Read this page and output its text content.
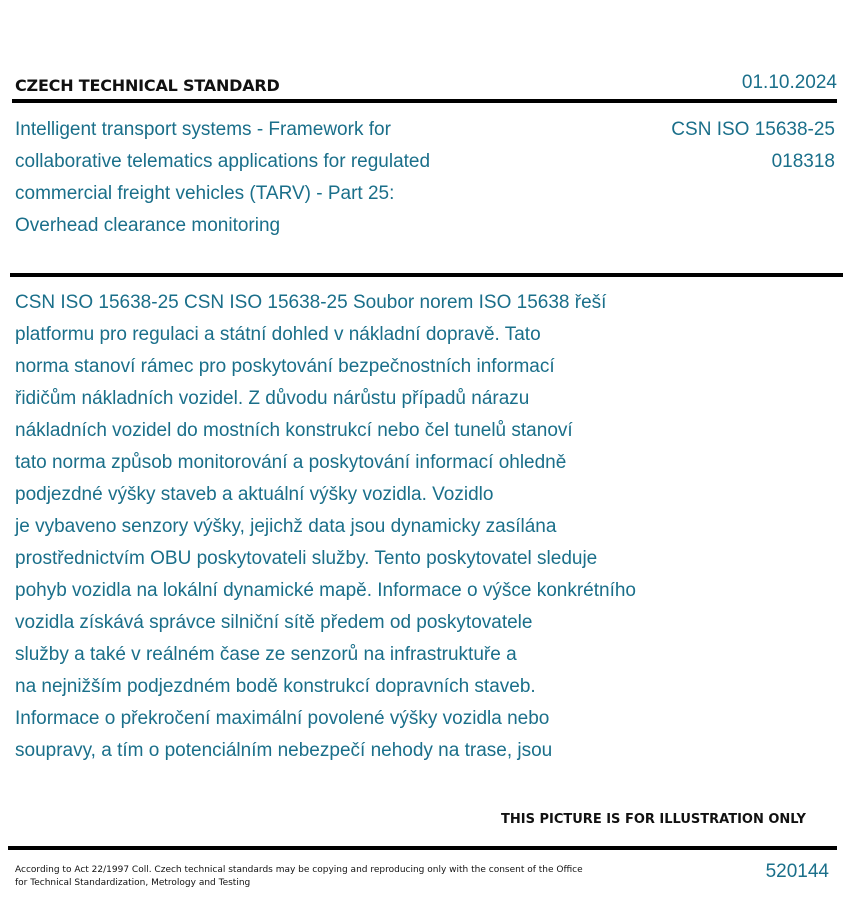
CZECH TECHNICAL STANDARD	01.10.2024
Intelligent transport systems - Framework for
collaborative telematics applications for regulated
commercial freight vehicles (TARV) - Part 25:
Overhead clearance monitoring
CSN ISO 15638-25
018318
CSN ISO 15638-25 CSN ISO 15638-25 Soubor norem ISO 15638 řeší
platformu pro regulaci a státní dohled v nákladní dopravě. Tato
norma stanoví rámec pro poskytování bezpečnostních informací
řidičům nákladních vozidel. Z důvodu nárůstu případů nárazu
nákladních vozidel do mostních konstrukcí nebo čel tunelů stanoví
tato norma způsob monitorování a poskytování informací ohledně
podjezdné výšky staveb a aktuální výšky vozidla. Vozidlo
je vybaveno senzory výšky, jejichž data jsou dynamicky zasílána
prostřednictvím OBU poskytovateli služby. Tento poskytovatel sleduje
pohyb vozidla na lokální dynamické mapě. Informace o výšce konkrétního
vozidla získává správce silniční sítě předem od poskytovatele
služby a také v reálném čase ze senzorů na infrastruktuře a
na nejnižším podjezdném bodě konstrukcí dopravních staveb.
Informace o překročení maximální povolené výšky vozidla nebo
soupravy, a tím o potenciálním nebezpečí nehody na trase, jsou
THIS PICTURE IS FOR ILLUSTRATION ONLY
According to Act 22/1997 Coll. Czech technical standards may be copying and reproducing only with the consent of the Office
for Technical Standardization, Metrology and Testing
520144
